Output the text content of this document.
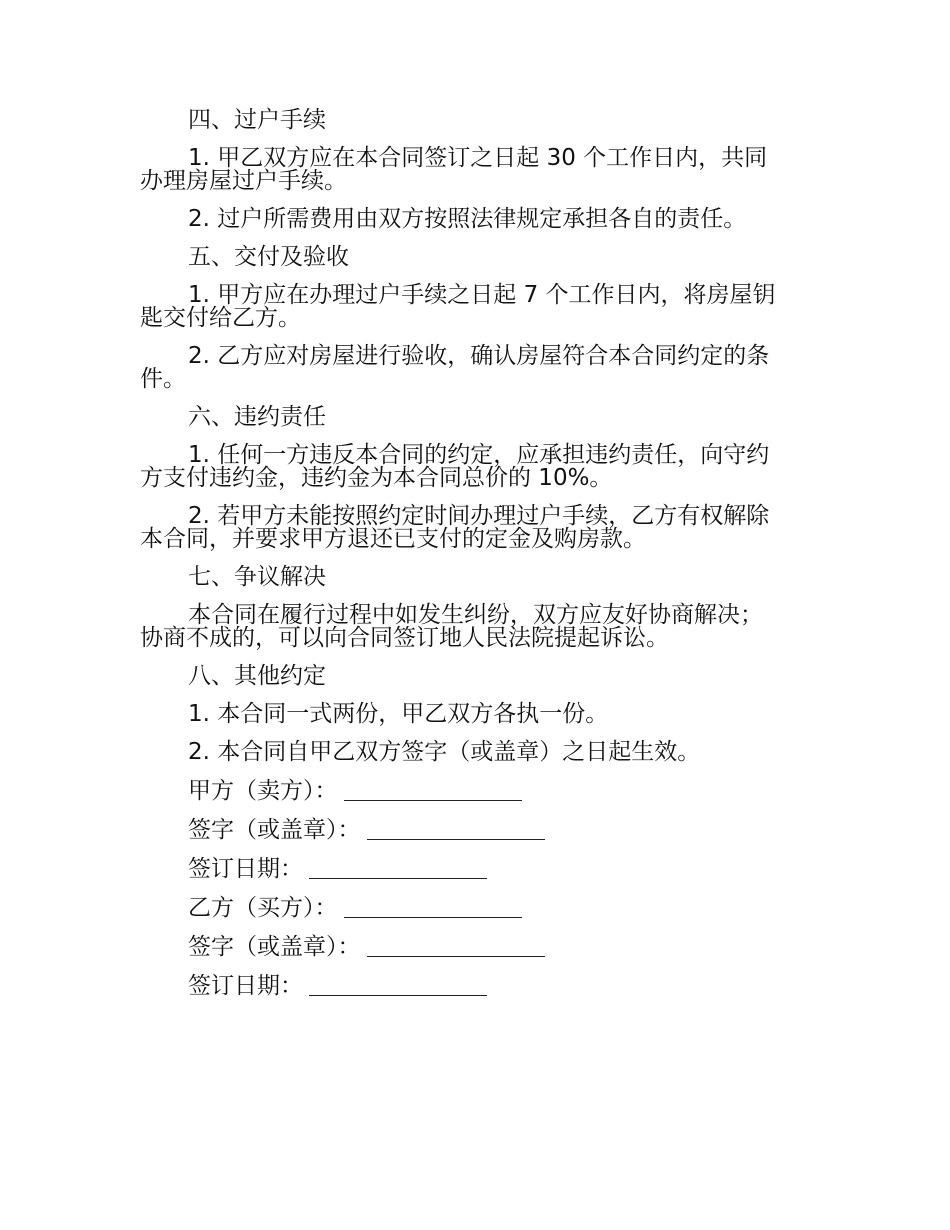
四、过户手续
1. 甲乙双方应在本合同签订之日起 30 个工作日内，共同
办理房屋过户手续。
2. 过户所需费用由双方按照法律规定承担各自的责任。
五、交付及验收
1. 甲方应在办理过户手续之日起 7 个工作日内，将房屋钥
匙交付给乙方。
2. 乙方应对房屋进行验收，确认房屋符合本合同约定的条
件。
六、违约责任
1. 任何一方违反本合同的约定，应承担违约责任，向守约
方支付违约金，违约金为本合同总价的 10%。
2. 若甲方未能按照约定时间办理过户手续，乙方有权解除
本合同，并要求甲方退还已支付的定金及购房款。
七、争议解决
本合同在履行过程中如发生纠纷，双方应友好协商解决；
协商不成的，可以向合同签订地人民法院提起诉讼。
八、其他约定
1. 本合同一式两份，甲乙双方各执一份。
2. 本合同自甲乙双方签字（或盖章）之日起生效。
甲方（卖方）：
签字（或盖章）：
签订日期：
乙方（买方）：
签字（或盖章）：
签订日期：
